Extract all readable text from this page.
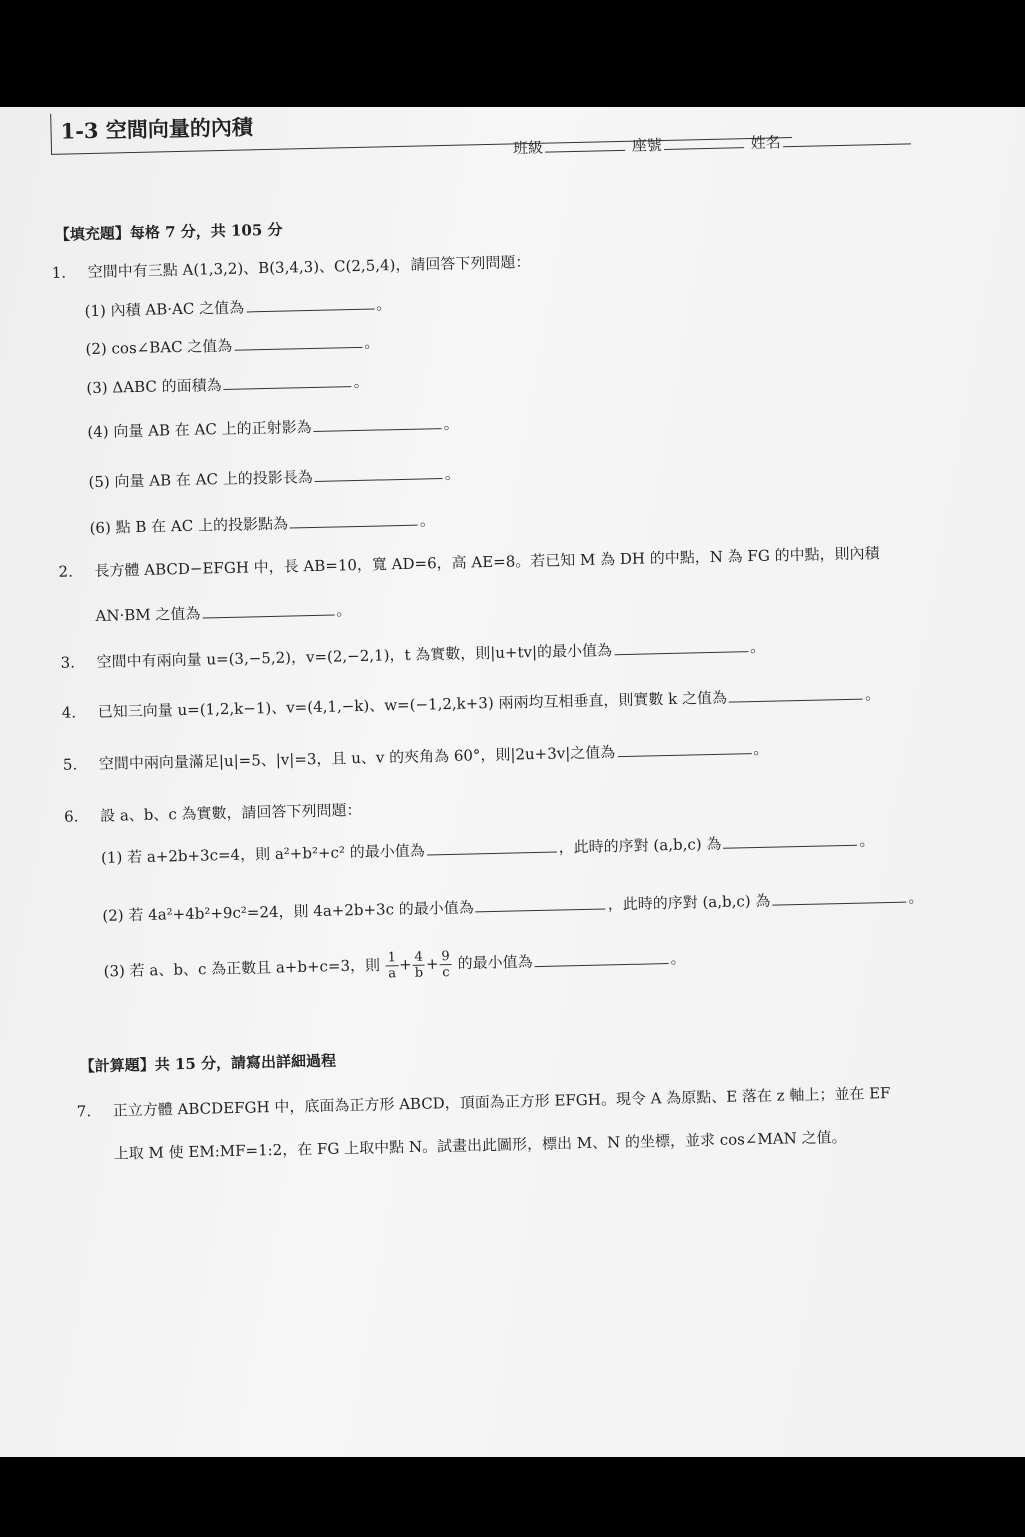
1-3 空間向量的內積
班級	座號	姓名
【填充題】每格 7 分，共 105 分
1. 空間中有三點 A(1,3,2)、B(3,4,3)、C(2,5,4)，請回答下列問題：
(1) 內積 AB·AC 之值為	。
(2) cos∠BAC 之值為	。
(3) ΔABC 的面積為	。
(4) 向量 AB 在 AC 上的正射影為	。
(5) 向量 AB 在 AC 上的投影長為	。
(6) 點 B 在 AC 上的投影點為	。
2. 長方體 ABCD−EFGH 中，長 AB=10，寬 AD=6，高 AE=8。若已知 M 為 DH 的中點，N 為 FG 的中點，則內積
AN·BM 之值為	。
3. 空間中有兩向量 u=(3,−5,2)，v=(2,−2,1)，t 為實數，則|u+tv|的最小值為	。
4. 已知三向量 u=(1,2,k−1)、v=(4,1,−k)、w=(−1,2,k+3) 兩兩均互相垂直，則實數 k 之值為	。
5. 空間中兩向量滿足|u|=5、|v|=3，且 u、v 的夾角為 60°，則|2u+3v|之值為	。
6. 設 a、b、c 為實數，請回答下列問題：
(1) 若 a+2b+3c=4，則 a²+b²+c² 的最小值為	，此時的序對 (a,b,c) 為	。
(2) 若 4a²+4b²+9c²=24，則 4a+2b+3c 的最小值為	，此時的序對 (a,b,c) 為	。
(3) 若 a、b、c 為正數且 a+b+c=3，則 $\frac{1}{a} + \frac{4}{b} + \frac{9}{c}$ 的最小值為	。
【計算題】共 15 分，請寫出詳細過程
7. 正立方體 ABCDEFGH 中，底面為正方形 ABCD，頂面為正方形 EFGH。現令 A 為原點、E 落在 z 軸上；並在 EF
上取 M 使 EM:MF=1:2，在 FG 上取中點 N。試畫出此圖形，標出 M、N 的坐標，並求 cos∠MAN 之值。
